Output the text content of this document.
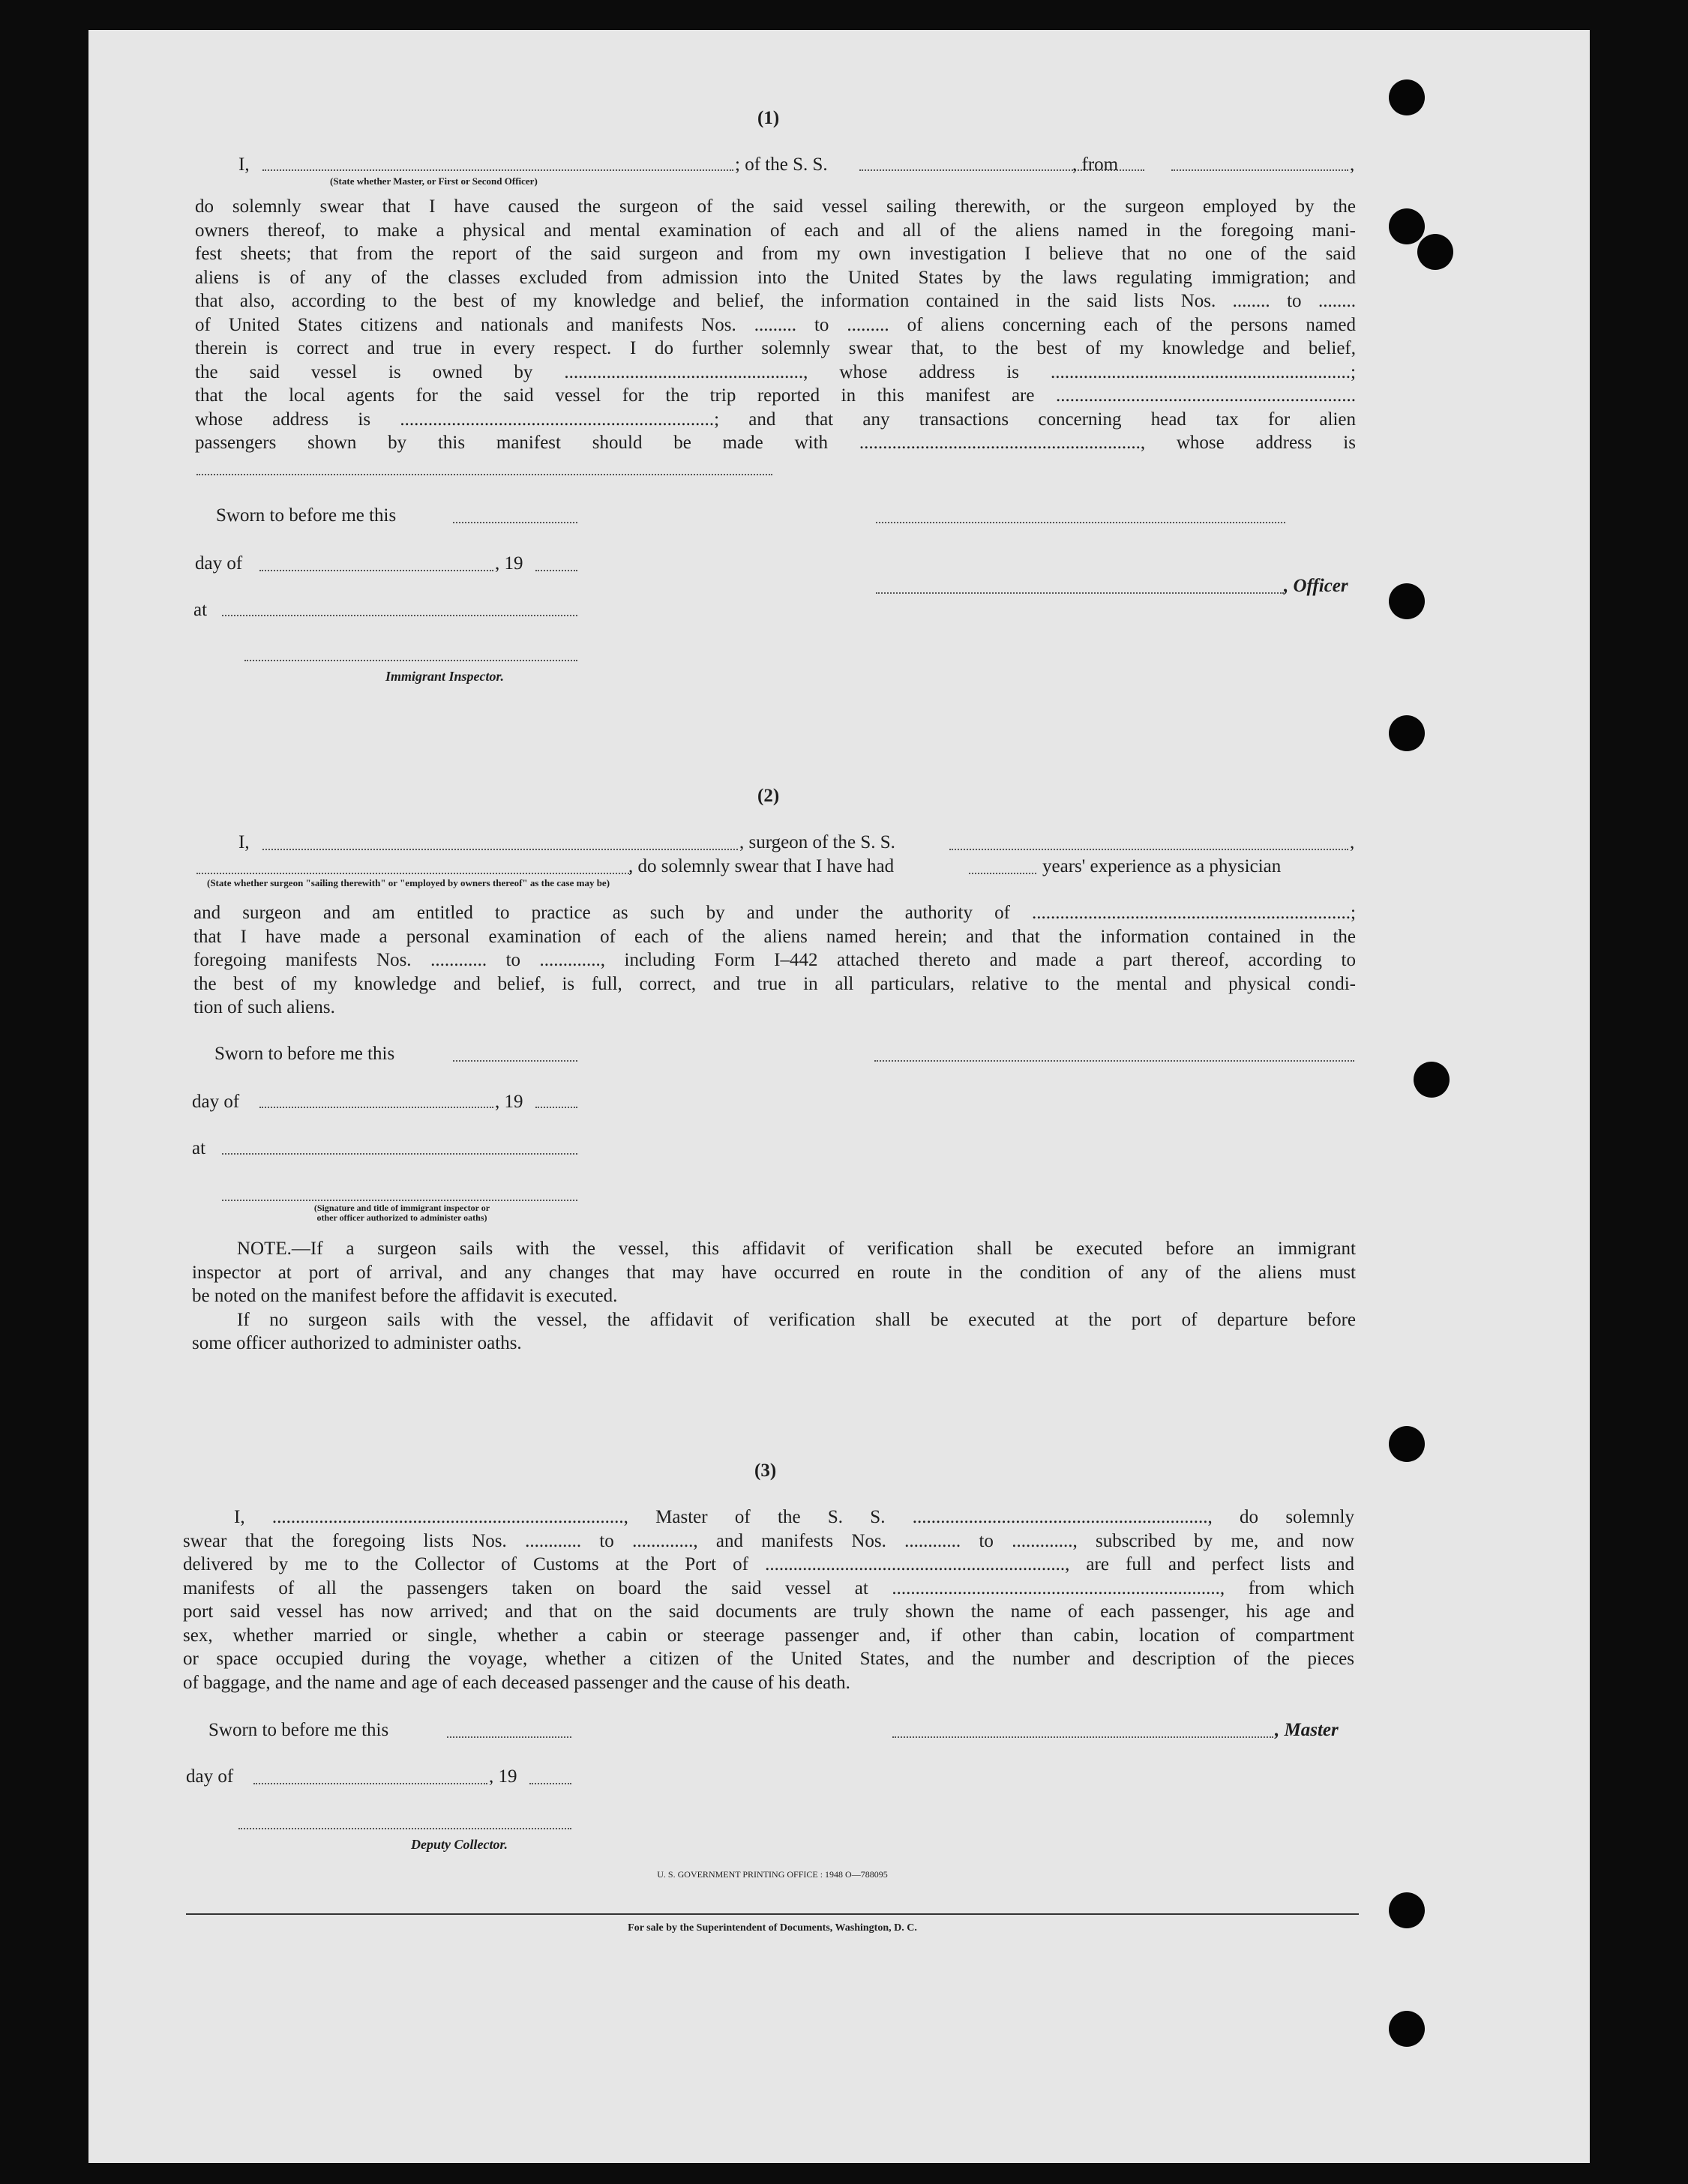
(1)
I,	; of the S. S.	, from	,
(State whether Master, or First or Second Officer)
do solemnly swear that I have caused the surgeon of the said vessel sailing therewith, or the surgeon employed by the
owners thereof, to make a physical and mental examination of each and all of the aliens named in the foregoing mani-
fest sheets; that from the report of the said surgeon and from my own investigation I believe that no one of the said
aliens is of any of the classes excluded from admission into the United States by the laws regulating immigration; and
that also, according to the best of my knowledge and belief, the information contained in the said lists Nos. ........ to ........
of United States citizens and nationals and manifests Nos. ......... to ......... of aliens concerning each of the persons named
therein is correct and true in every respect. I do further solemnly swear that, to the best of my knowledge and belief,
the said vessel is owned by ..................................................., whose address is ................................................................;
that the local agents for the said vessel for the trip reported in this manifest are ................................................................
whose address is ...................................................................; and that any transactions concerning head tax for alien
passengers shown by this manifest should be made with ............................................................, whose address is
Sworn to before me this
day of	, 19
, Officer
at
Immigrant Inspector.
(2)
I,	, surgeon of the S. S.	,
, do solemnly swear that I have had	years' experience as a physician
(State whether surgeon "sailing therewith" or "employed by owners thereof" as the case may be)
and surgeon and am entitled to practice as such by and under the authority of ....................................................................;
that I have made a personal examination of each of the aliens named herein; and that the information contained in the
foregoing manifests Nos. ............ to ............., including Form I–442 attached thereto and made a part thereof, according to
the best of my knowledge and belief, is full, correct, and true in all particulars, relative to the mental and physical condi-
tion of such aliens.
Sworn to before me this
day of	, 19
at
(Signature and title of immigrant inspector or
other officer authorized to administer oaths)
NOTE.—If a surgeon sails with the vessel, this affidavit of verification shall be executed before an immigrant
inspector at port of arrival, and any changes that may have occurred en route in the condition of any of the aliens must
be noted on the manifest before the affidavit is executed.
If no surgeon sails with the vessel, the affidavit of verification shall be executed at the port of departure before
some officer authorized to administer oaths.
(3)
I, ..........................................................................., Master of the S. S. ..............................................................., do solemnly
swear that the foregoing lists Nos. ............ to ............., and manifests Nos. ............ to ............., subscribed by me, and now
delivered by me to the Collector of Customs at the Port of ................................................................, are full and perfect lists and
manifests of all the passengers taken on board the said vessel at ......................................................................, from which
port said vessel has now arrived; and that on the said documents are truly shown the name of each passenger, his age and
sex, whether married or single, whether a cabin or steerage passenger and, if other than cabin, location of compartment
or space occupied during the voyage, whether a citizen of the United States, and the number and description of the pieces
of baggage, and the name and age of each deceased passenger and the cause of his death.
Sworn to before me this	, Master
day of	, 19
Deputy Collector.
U. S. GOVERNMENT PRINTING OFFICE : 1948 O—788095
For sale by the Superintendent of Documents, Washington, D. C.
